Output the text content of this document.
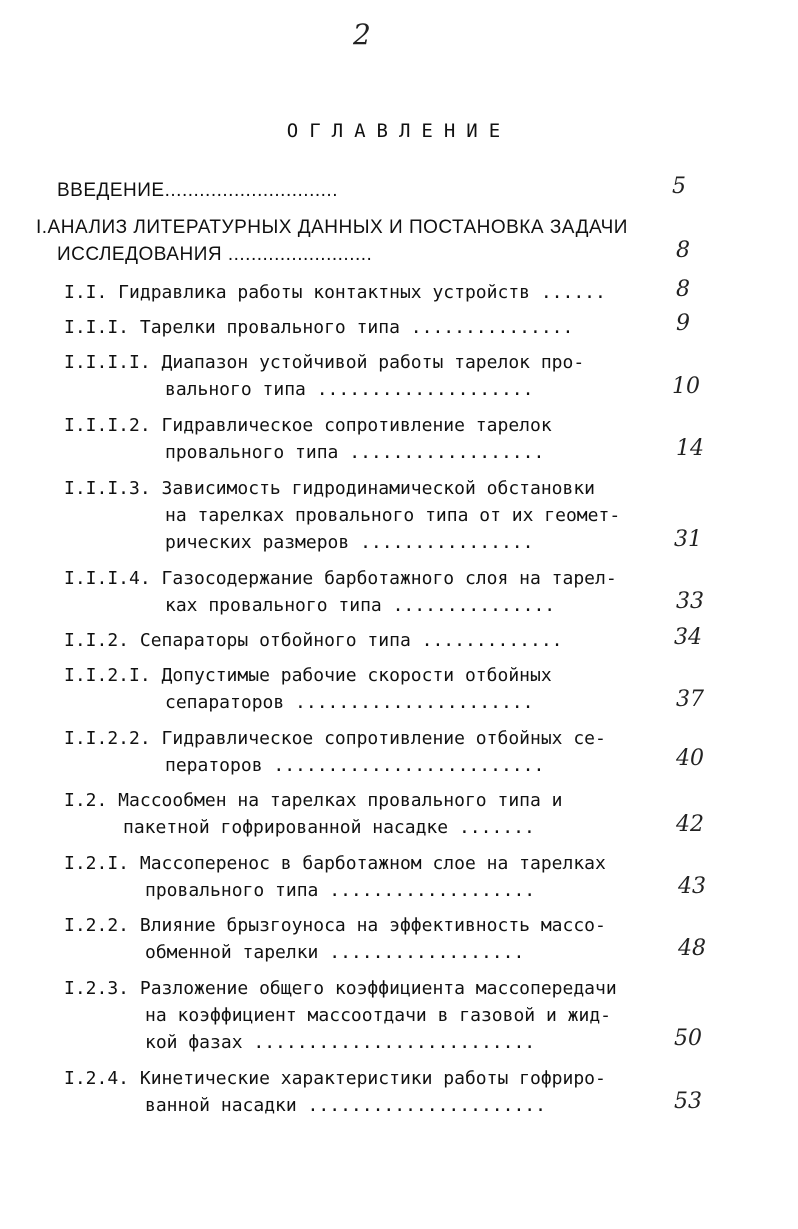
2
ОГЛАВЛЕНИЕ
ВВЕДЕНИЕ..............................	5
I.АНАЛИЗ ЛИТЕРАТУРНЫХ ДАННЫХ И ПОСТАНОВКА ЗАДАЧИ
ИССЛЕДОВАНИЯ .........................	8
I.I. Гидравлика работы контактных устройств ......	8
I.I.I. Тарелки провального типа ...............	9
I.I.I.I. Диапазон устойчивой работы тарелок про-
вального типа ....................	10
I.I.I.2. Гидравлическое сопротивление тарелок
провального типа ..................	14
I.I.I.3. Зависимость гидродинамической обстановки
на тарелках провального типа от их геомет-
рических размеров ................	31
I.I.I.4. Газосодержание барботажного слоя на тарел-
ках провального типа ...............	33
I.I.2. Сепараторы отбойного типа .............	34
I.I.2.I. Допустимые рабочие скорости отбойных
сепараторов ......................	37
I.I.2.2. Гидравлическое сопротивление отбойных се-
ператоров .........................	40
I.2. Массообмен на тарелках провального типа и
пакетной гофрированной насадке .......	42
I.2.I. Массоперенос в барботажном слое на тарелках
провального типа ...................	43
I.2.2. Влияние брызгоуноса на эффективность массо-
обменной тарелки ..................	48
I.2.3. Разложение общего коэффициента массопередачи
на коэффициент массоотдачи в газовой и жид-
кой фазах ..........................	50
I.2.4. Кинетические характеристики работы гофриро-
ванной насадки ......................	53
